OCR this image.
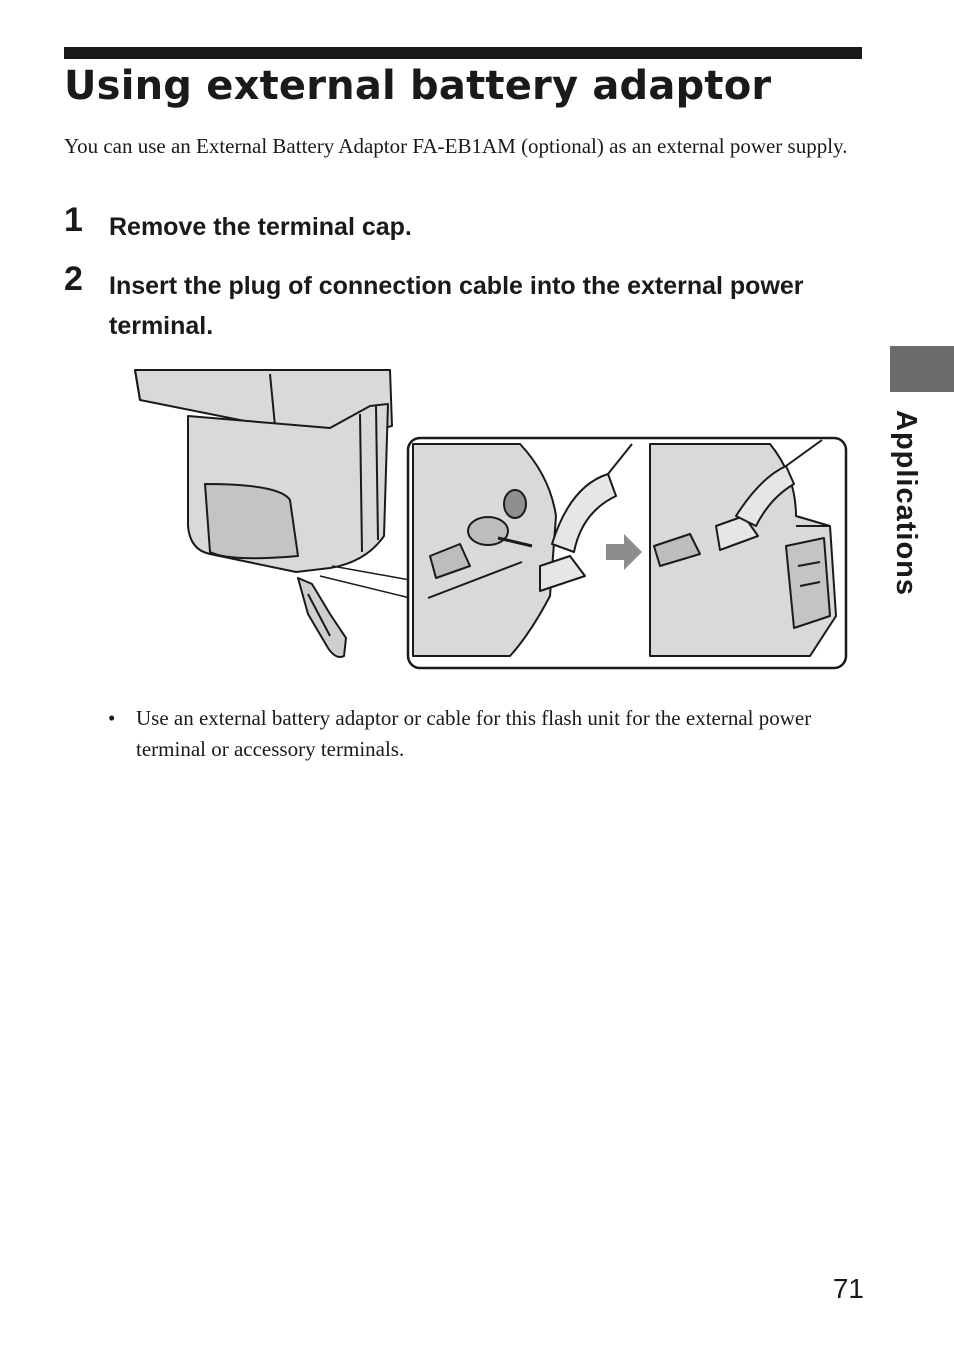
Using external battery adaptor

You can use an External Battery Adaptor FA-EB1AM (optional) as an external power supply.

1 Remove the terminal cap.
2 Insert the plug of connection cable into the external power terminal.
• Use an external battery adaptor or cable for this flash unit for the external power terminal or accessory terminals.
Applications
71
